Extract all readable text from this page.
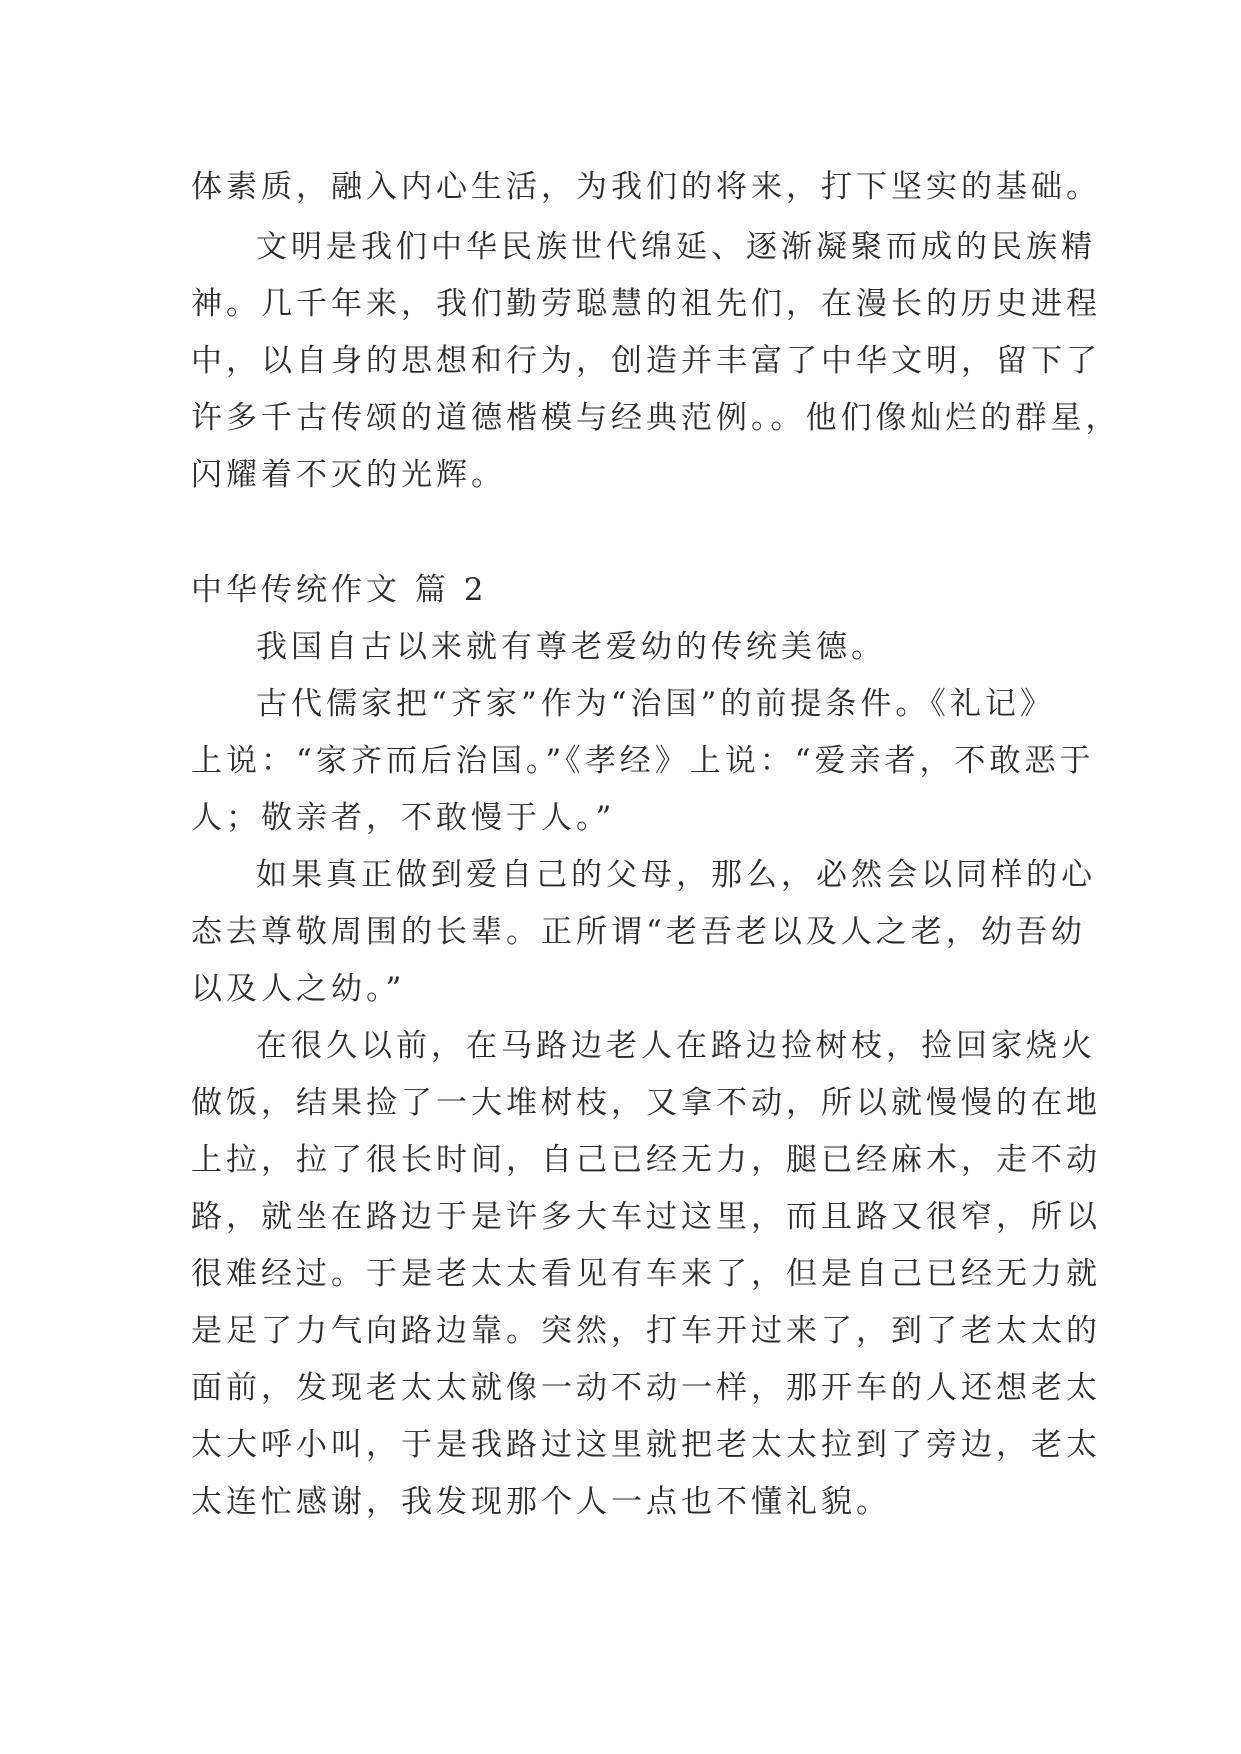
体素质，融入内心生活，为我们的将来，打下坚实的基础。
文明是我们中华民族世代绵延、逐渐凝聚而成的民族精
神。几千年来，我们勤劳聪慧的祖先们，在漫长的历史进程
中，以自身的思想和行为，创造并丰富了中华文明，留下了
许多千古传颂的道德楷模与经典范例。。他们像灿烂的群星，
闪耀着不灭的光辉。
中华传统作文 篇 2
我国自古以来就有尊老爱幼的传统美德。
古代儒家把“齐家”作为“治国”的前提条件。《礼记》
上说：“家齐而后治国。”《孝经》上说：“爱亲者，不敢恶于
人；敬亲者，不敢慢于人。”
如果真正做到爱自己的父母，那么，必然会以同样的心
态去尊敬周围的长辈。正所谓“老吾老以及人之老，幼吾幼
以及人之幼。”
在很久以前，在马路边老人在路边捡树枝，捡回家烧火
做饭，结果捡了一大堆树枝，又拿不动，所以就慢慢的在地
上拉，拉了很长时间，自己已经无力，腿已经麻木，走不动
路，就坐在路边于是许多大车过这里，而且路又很窄，所以
很难经过。于是老太太看见有车来了，但是自己已经无力就
是足了力气向路边靠。突然，打车开过来了，到了老太太的
面前，发现老太太就像一动不动一样，那开车的人还想老太
太大呼小叫，于是我路过这里就把老太太拉到了旁边，老太
太连忙感谢，我发现那个人一点也不懂礼貌。
